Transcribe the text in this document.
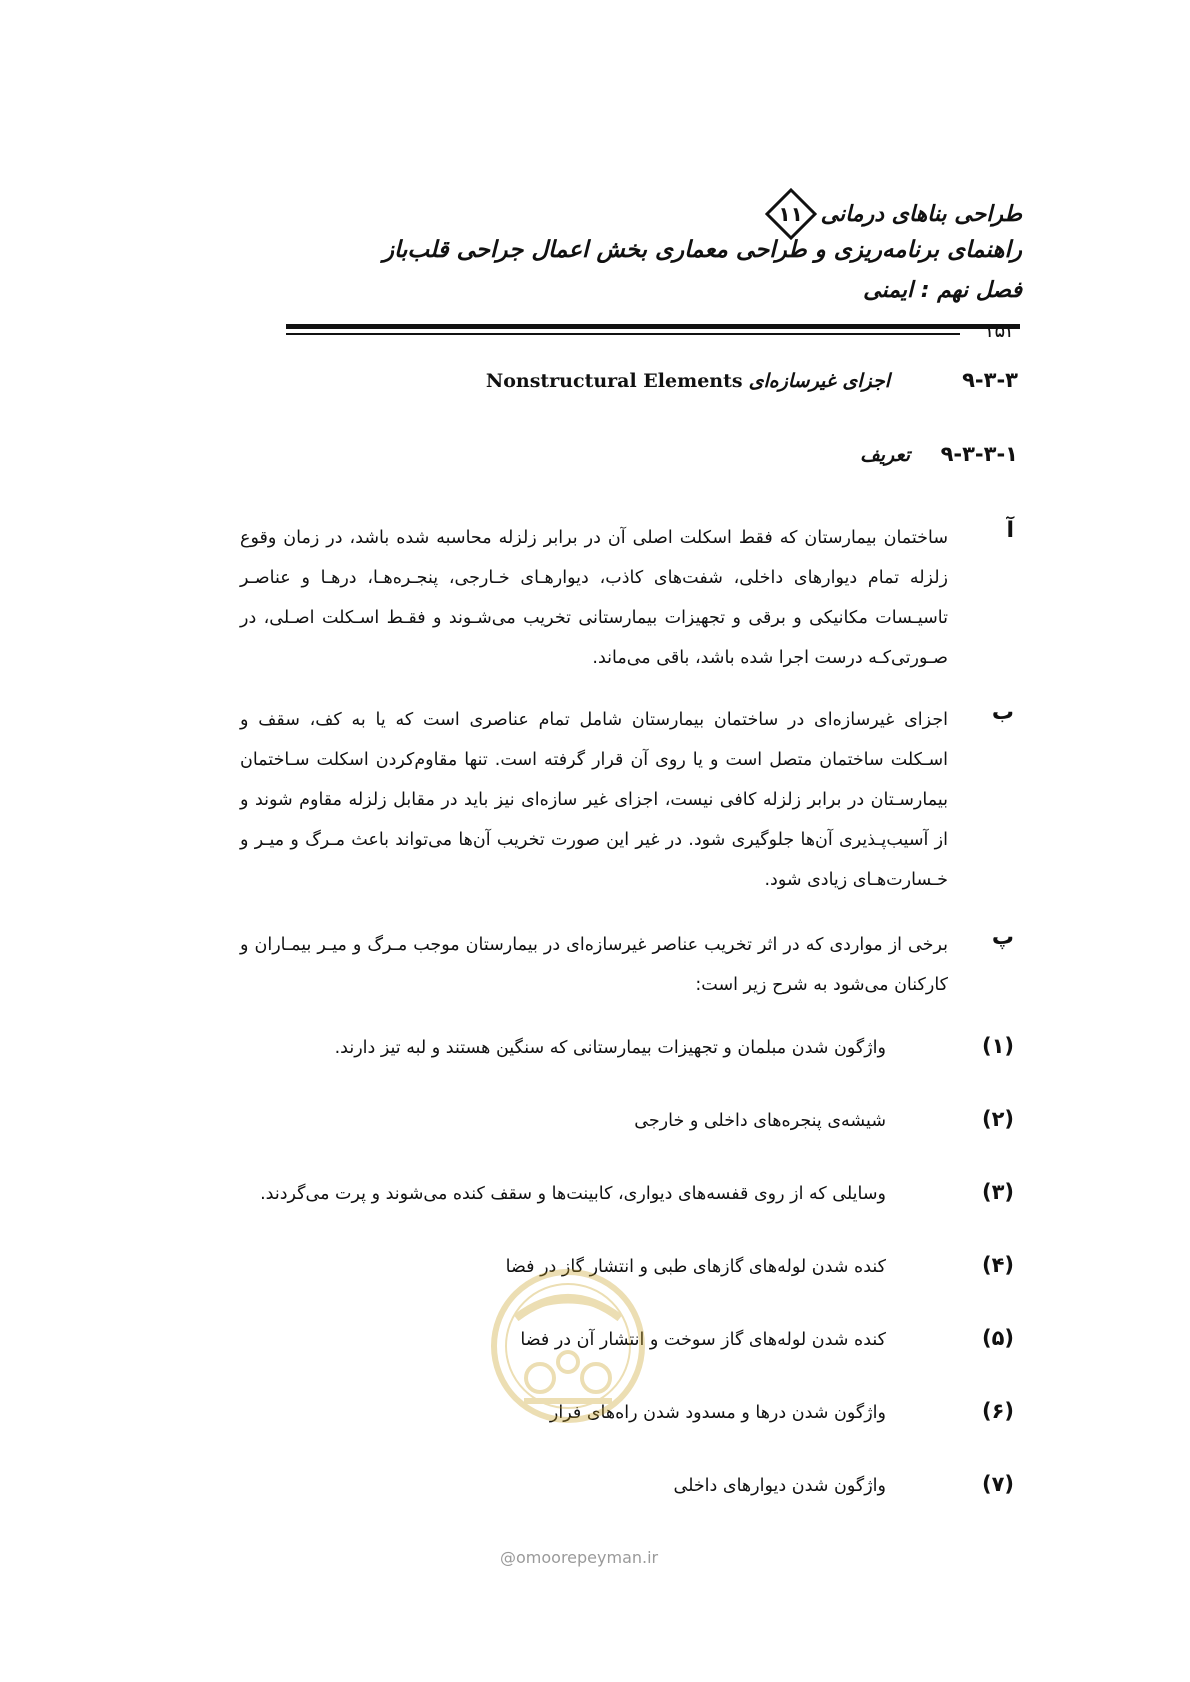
طراحی بناهای درمانی
۱۱
راهنمای برنامه‌ریزی و طراحی معماری بخش اعمال جراحی قلب‌باز
فصل نهم : ایمنی
۱۵۲
۹-۳-۳
اجزای غیرسازه‌ای
Nonstructural Elements
۹-۳-۳-۱
تعریف
آ
ساختمان بیمارستان که فقط اسکلت اصلی آن در برابر زلزله محاسبه شده باشد، در زمان وقوع زلزله تمام دیوارهای داخلی، شفت‌های کاذب، دیوارهـای خـارجی، پنجـره‌هـا، درهـا و عناصـر تاسیـسات مکانیکی و برقی و تجهیزات بیمارستانی تخریب می‌شـوند و فقـط اسـکلت اصـلی، در صـورتی‌کـه درست اجرا شده باشد، باقی می‌ماند.
ب
اجزای غیرسازه‌ای در ساختمان بیمارستان شامل تمام عناصری است که یا به کف، سقف و اسـکلت ساختمان متصل است و یا روی آن قرار گرفته است. تنها مقاوم‌کردن اسکلت سـاختمان بیمارسـتان در برابر زلزله کافی نیست، اجزای غیر سازه‌ای نیز باید در مقابل زلزله مقاوم شوند و از آسیب‌پـذیری آن‌ها جلوگیری شود. در غیر این صورت تخریب آن‌ها می‌تواند باعث مـرگ و میـر و خـسارت‌هـای زیادی شود.
پ
برخی از مواردی که در اثر تخریب عناصر غیرسازه‌ای در بیمارستان موجب مـرگ و میـر بیمـاران و کارکنان می‌شود به شرح زیر است:
(۱)
واژگون شدن مبلمان و تجهیزات بیمارستانی که سنگین هستند و لبه تیز دارند.
(۲)
شیشه‌ی پنجره‌های داخلی و خارجی
(۳)
وسایلی که از روی قفسه‌های دیواری، کابینت‌ها و سقف کنده می‌شوند و پرت می‌گردند.
(۴)
کنده شدن لوله‌های گازهای طبی و انتشار گاز در فضا
(۵)
کنده شدن لوله‌های گاز سوخت و انتشار آن در فضا
(۶)
واژگون شدن درها و مسدود شدن راه‌های فرار
(۷)
واژگون شدن دیوارهای داخلی
@omoorepeyman.ir
